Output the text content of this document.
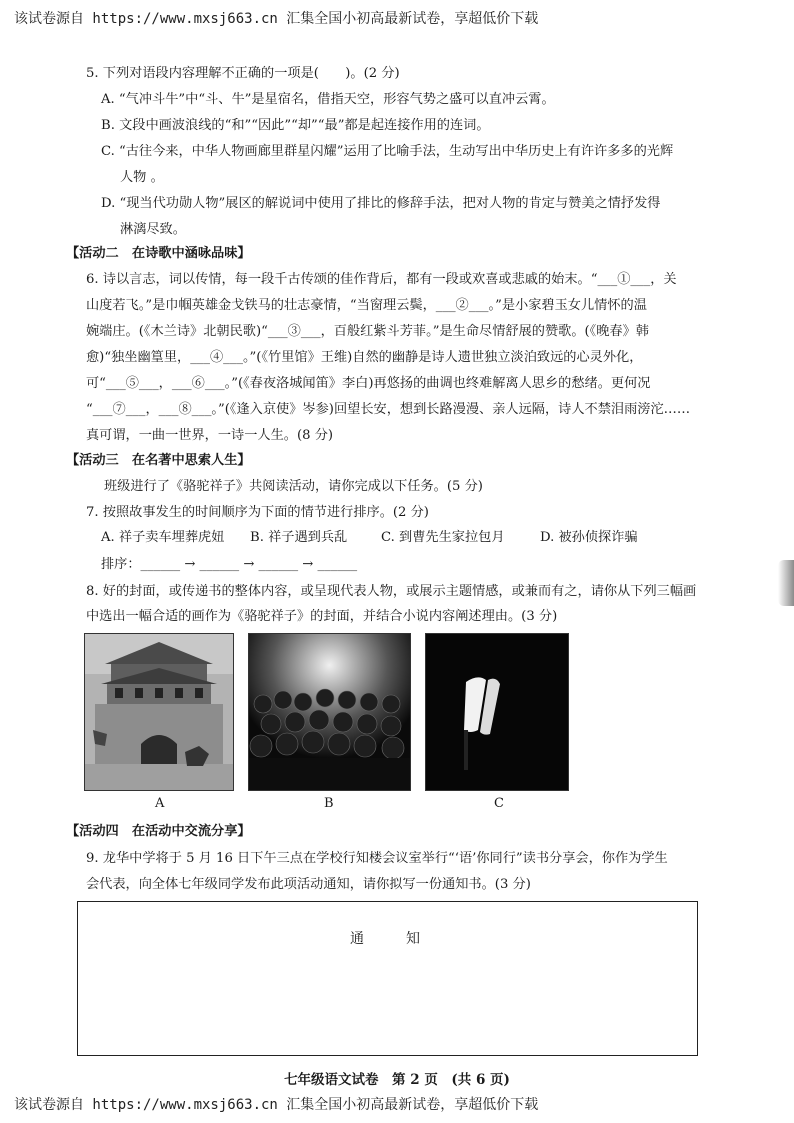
该试卷源自 https://www.mxsj663.cn 汇集全国小初高最新试卷，享超低价下载
5. 下列对语段内容理解不正确的一项是(　　)。(2 分)
A. “气冲斗牛”中“斗、牛”是星宿名，借指天空，形容气势之盛可以直冲云霄。
B. 文段中画波浪线的“和”“因此”“却”“最”都是起连接作用的连词。
C. “古往今来，中华人物画廊里群星闪耀”运用了比喻手法，生动写出中华历史上有许许多多的光辉
人物 。
D. “现当代功勋人物”展区的解说词中使用了排比的修辞手法，把对人物的肯定与赞美之情抒发得
淋漓尽致。
【活动二　在诗歌中涵咏品味】
6. 诗以言志，词以传情，每一段千古传颂的佳作背后，都有一段或欢喜或悲戚的始末。“___①___，关
山度若飞。”是巾帼英雄金戈铁马的壮志豪情，“当窗理云鬓，___②___。”是小家碧玉女儿情怀的温
婉端庄。(《木兰诗》北朝民歌)“___③___，百般红紫斗芳菲。”是生命尽情舒展的赞歌。(《晚春》韩
愈)“独坐幽篁里，___④___。”(《竹里馆》王维)自然的幽静是诗人遗世独立淡泊致远的心灵外化，
可“___⑤___，___⑥___。”(《春夜洛城闻笛》李白)再悠扬的曲调也终难解离人思乡的愁绪。更何况
“___⑦___，___⑧___。”(《逢入京使》岑参)回望长安，想到长路漫漫、亲人远隔，诗人不禁泪雨滂沱……
真可谓，一曲一世界，一诗一人生。(8 分)
【活动三　在名著中思索人生】
班级进行了《骆驼祥子》共阅读活动，请你完成以下任务。(5 分)
7. 按照故事发生的时间顺序为下面的情节进行排序。(2 分)
A. 祥子卖车埋葬虎妞 B. 祥子遇到兵乱	C. 到曹先生家拉包月	D. 被孙侦探诈骗
排序：______ → ______ → ______ → ______
8. 好的封面，或传递书的整体内容，或呈现代表人物，或展示主题情感，或兼而有之，请你从下列三幅画
中选出一幅合适的画作为《骆驼祥子》的封面，并结合小说内容阐述理由。(3 分)
A	B	C
【活动四　在活动中交流分享】
9. 龙华中学将于 5 月 16 日下午三点在学校行知楼会议室举行“‘语’你同行”读书分享会，你作为学生
会代表，向全体七年级同学发布此项活动通知，请你拟写一份通知书。(3 分)
通知
七年级语文试卷　第 2 页　(共 6 页)
该试卷源自 https://www.mxsj663.cn 汇集全国小初高最新试卷，享超低价下载
